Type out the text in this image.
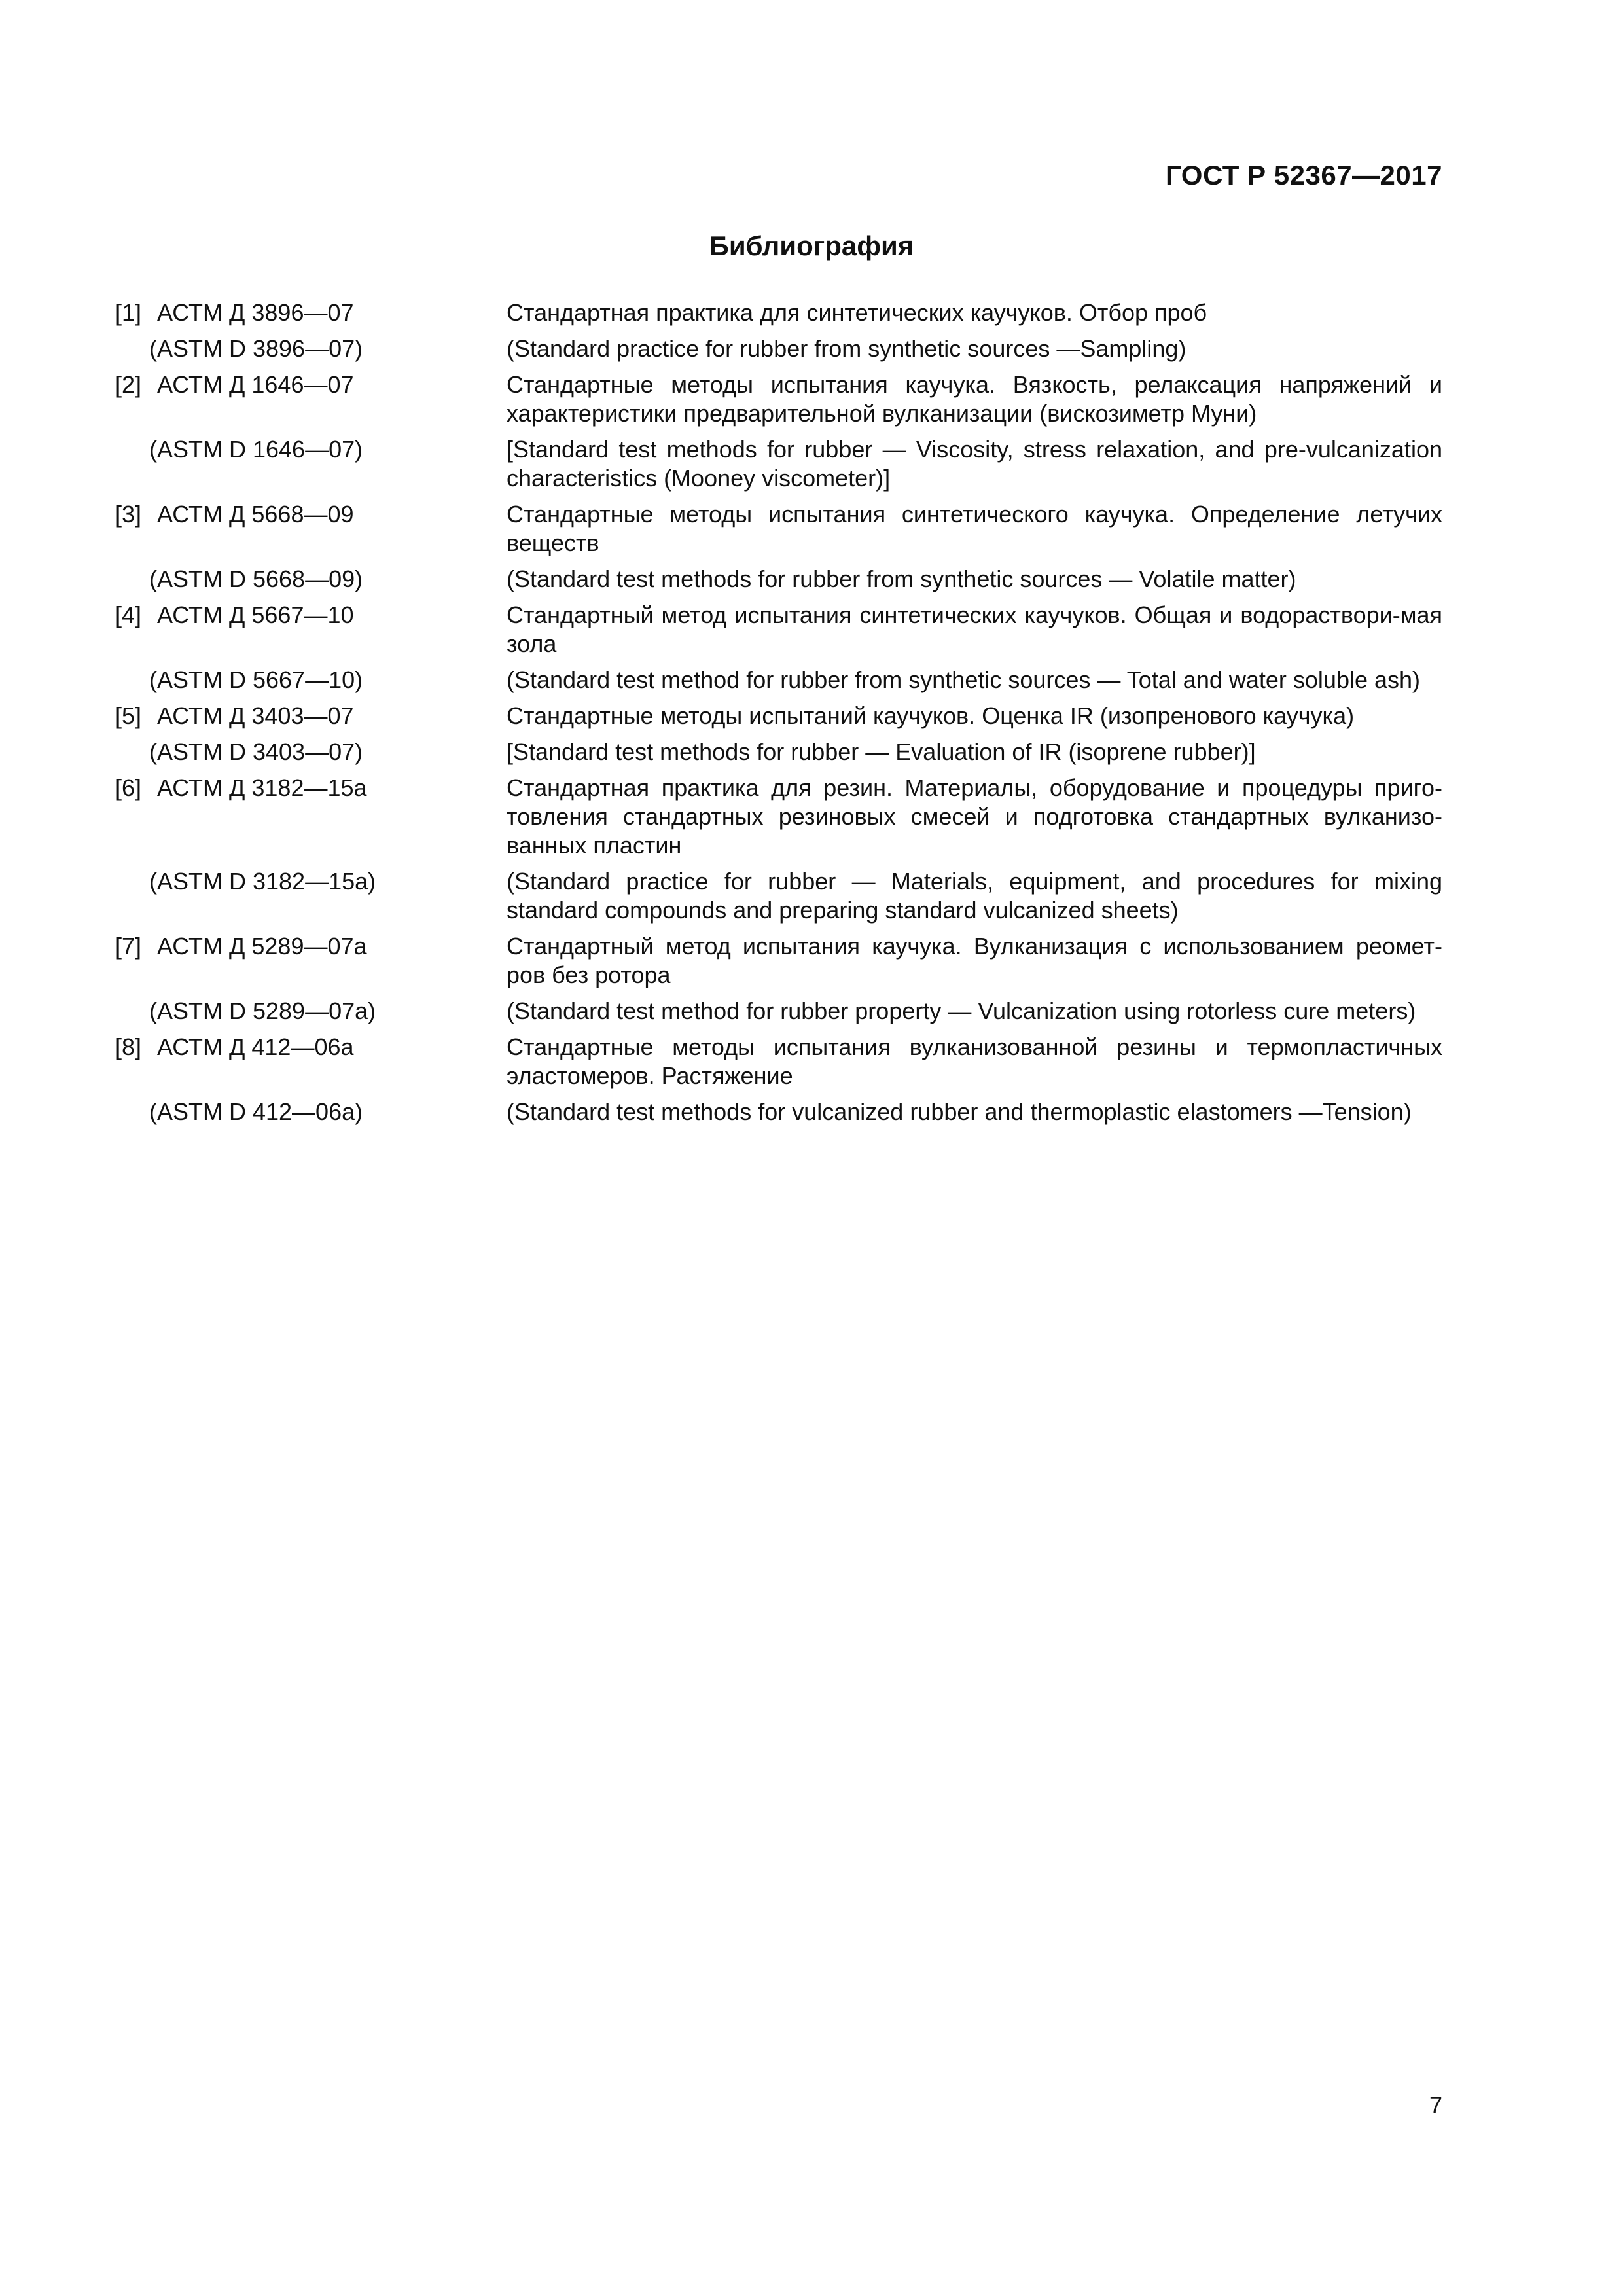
ГОСТ Р 52367—2017
Библиография
[1] АСТМ Д 3896—07	Стандартная практика для синтетических каучуков. Отбор проб
(ASTM D 3896—07)	(Standard practice for rubber from synthetic sources —Sampling)
[2] АСТМ Д 1646—07	Стандартные методы испытания каучука. Вязкость, релаксация напряжений и характеристики предварительной вулканизации (вискозиметр Муни)
(ASTM D 1646—07)	[Standard test methods for rubber — Viscosity, stress relaxation, and pre-vulcanization characteristics (Mooney viscometer)]
[3] АСТМ Д 5668—09	Стандартные методы испытания синтетического каучука. Определение летучих веществ
(ASTM D 5668—09)	(Standard test methods for rubber from synthetic sources — Volatile matter)
[4] АСТМ Д 5667—10	Стандартный метод испытания синтетических каучуков. Общая и водораствори-мая зола
(ASTM D 5667—10)	(Standard test method for rubber from synthetic sources — Total and water soluble ash)
[5] АСТМ Д 3403—07	Стандартные методы испытаний каучуков. Оценка IR (изопренового каучука)
(ASTM D 3403—07)	[Standard test methods for rubber — Evaluation of IR (isoprene rubber)]
[6] АСТМ Д 3182—15a	Стандартная практика для резин. Материалы, оборудование и процедуры приго-товления стандартных резиновых смесей и подготовка стандартных вулканизо-ванных пластин
(ASTM D 3182—15a)	(Standard practice for rubber — Materials, equipment, and procedures for mixing standard compounds and preparing standard vulcanized sheets)
[7] АСТМ Д 5289—07a	Стандартный метод испытания каучука. Вулканизация с использованием реомет-ров без ротора
(ASTM D 5289—07a)	(Standard test method for rubber property — Vulcanization using rotorless cure meters)
[8] АСТМ Д 412—06a	Стандартные методы испытания вулканизованной резины и термопластичных эластомеров. Растяжение
(ASTM D 412—06a)	(Standard test methods for vulcanized rubber and thermoplastic elastomers —Tension)
7
